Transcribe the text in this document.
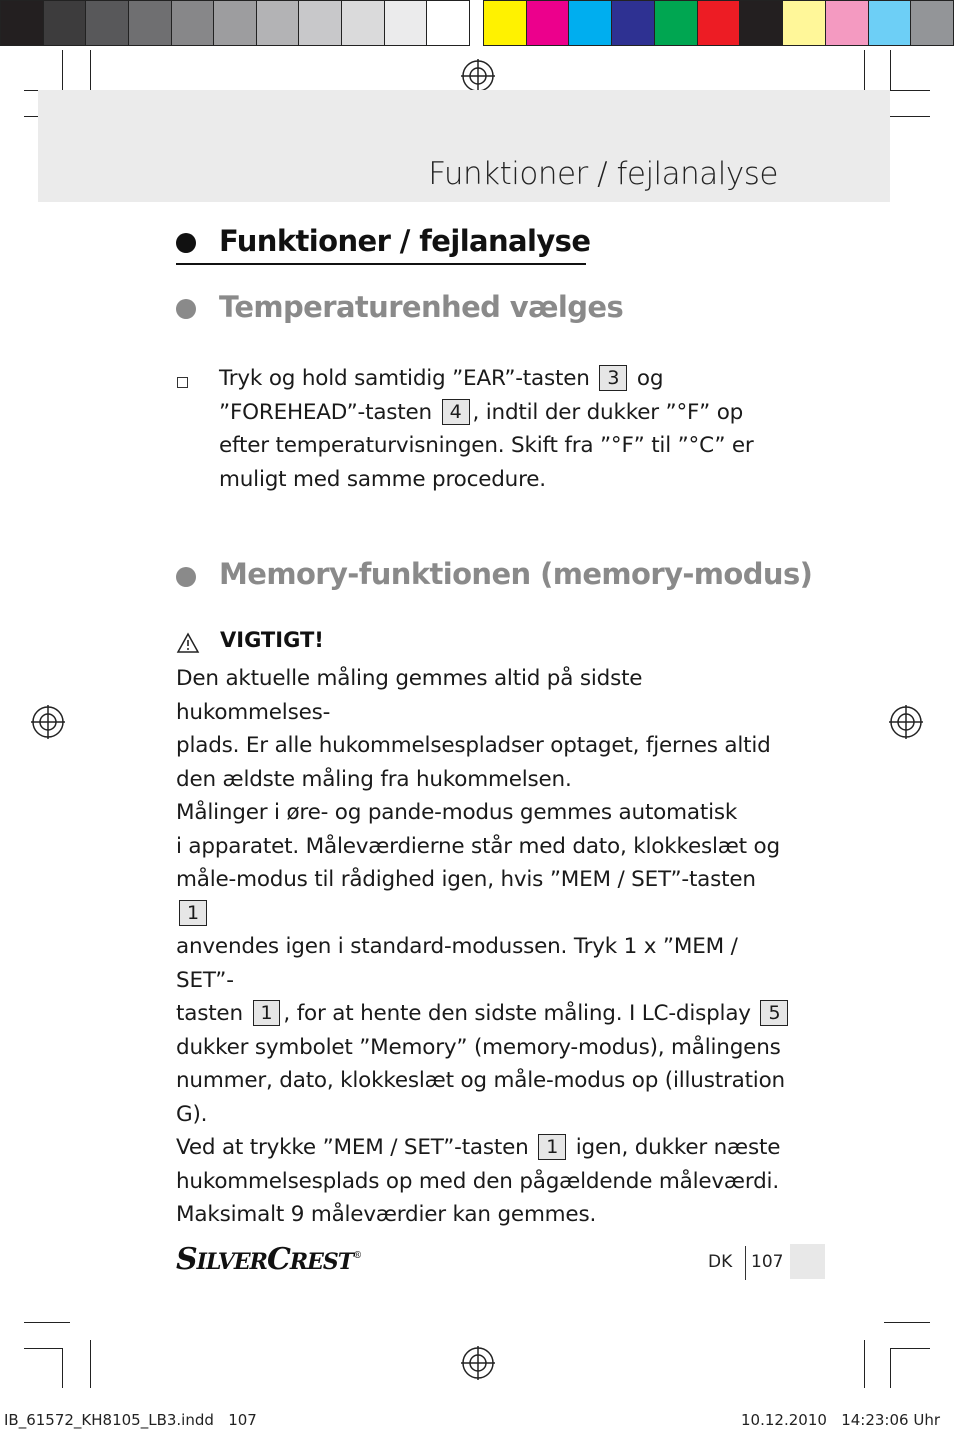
Funktioner / fejlanalyse
Funktioner / fejlanalyse
Temperaturenhed vælges
Tryk og hold samtidig ”EAR”-tasten 3 og
”FOREHEAD”-tasten 4 , indtil der dukker ”°F” op
efter temperaturvisningen. Skift fra ”°F” til ”°C” er
muligt med samme procedure.
Memory-funktionen (memory-modus)
VIGTIGT!
Den aktuelle måling gemmes altid på sidste hukommelses-
plads. Er alle hukommelsespladser optaget, fjernes altid
den ældste måling fra hukommelsen.
Målinger i øre- og pande-modus gemmes automatisk
i apparatet. Måleværdierne står med dato, klokkeslæt og
måle-modus til rådighed igen, hvis ”MEM / SET”-tasten 1
anvendes igen i standard-modussen. Tryk 1 x ”MEM / SET”-
tasten 1 , for at hente den sidste måling. I LC-display 5
dukker symbolet ”Memory” (memory-modus), målingens
nummer, dato, klokkeslæt og måle-modus op (illustration G).
Ved at trykke ”MEM / SET”-tasten 1 igen, dukker næste
hukommelsesplads op med den pågældende måleværdi.
Maksimalt 9 måleværdier kan gemmes.
SILVERCREST®	DK 107
IB_61572_KH8105_LB3.indd   107	10.12.2010   14:23:06 Uhr
